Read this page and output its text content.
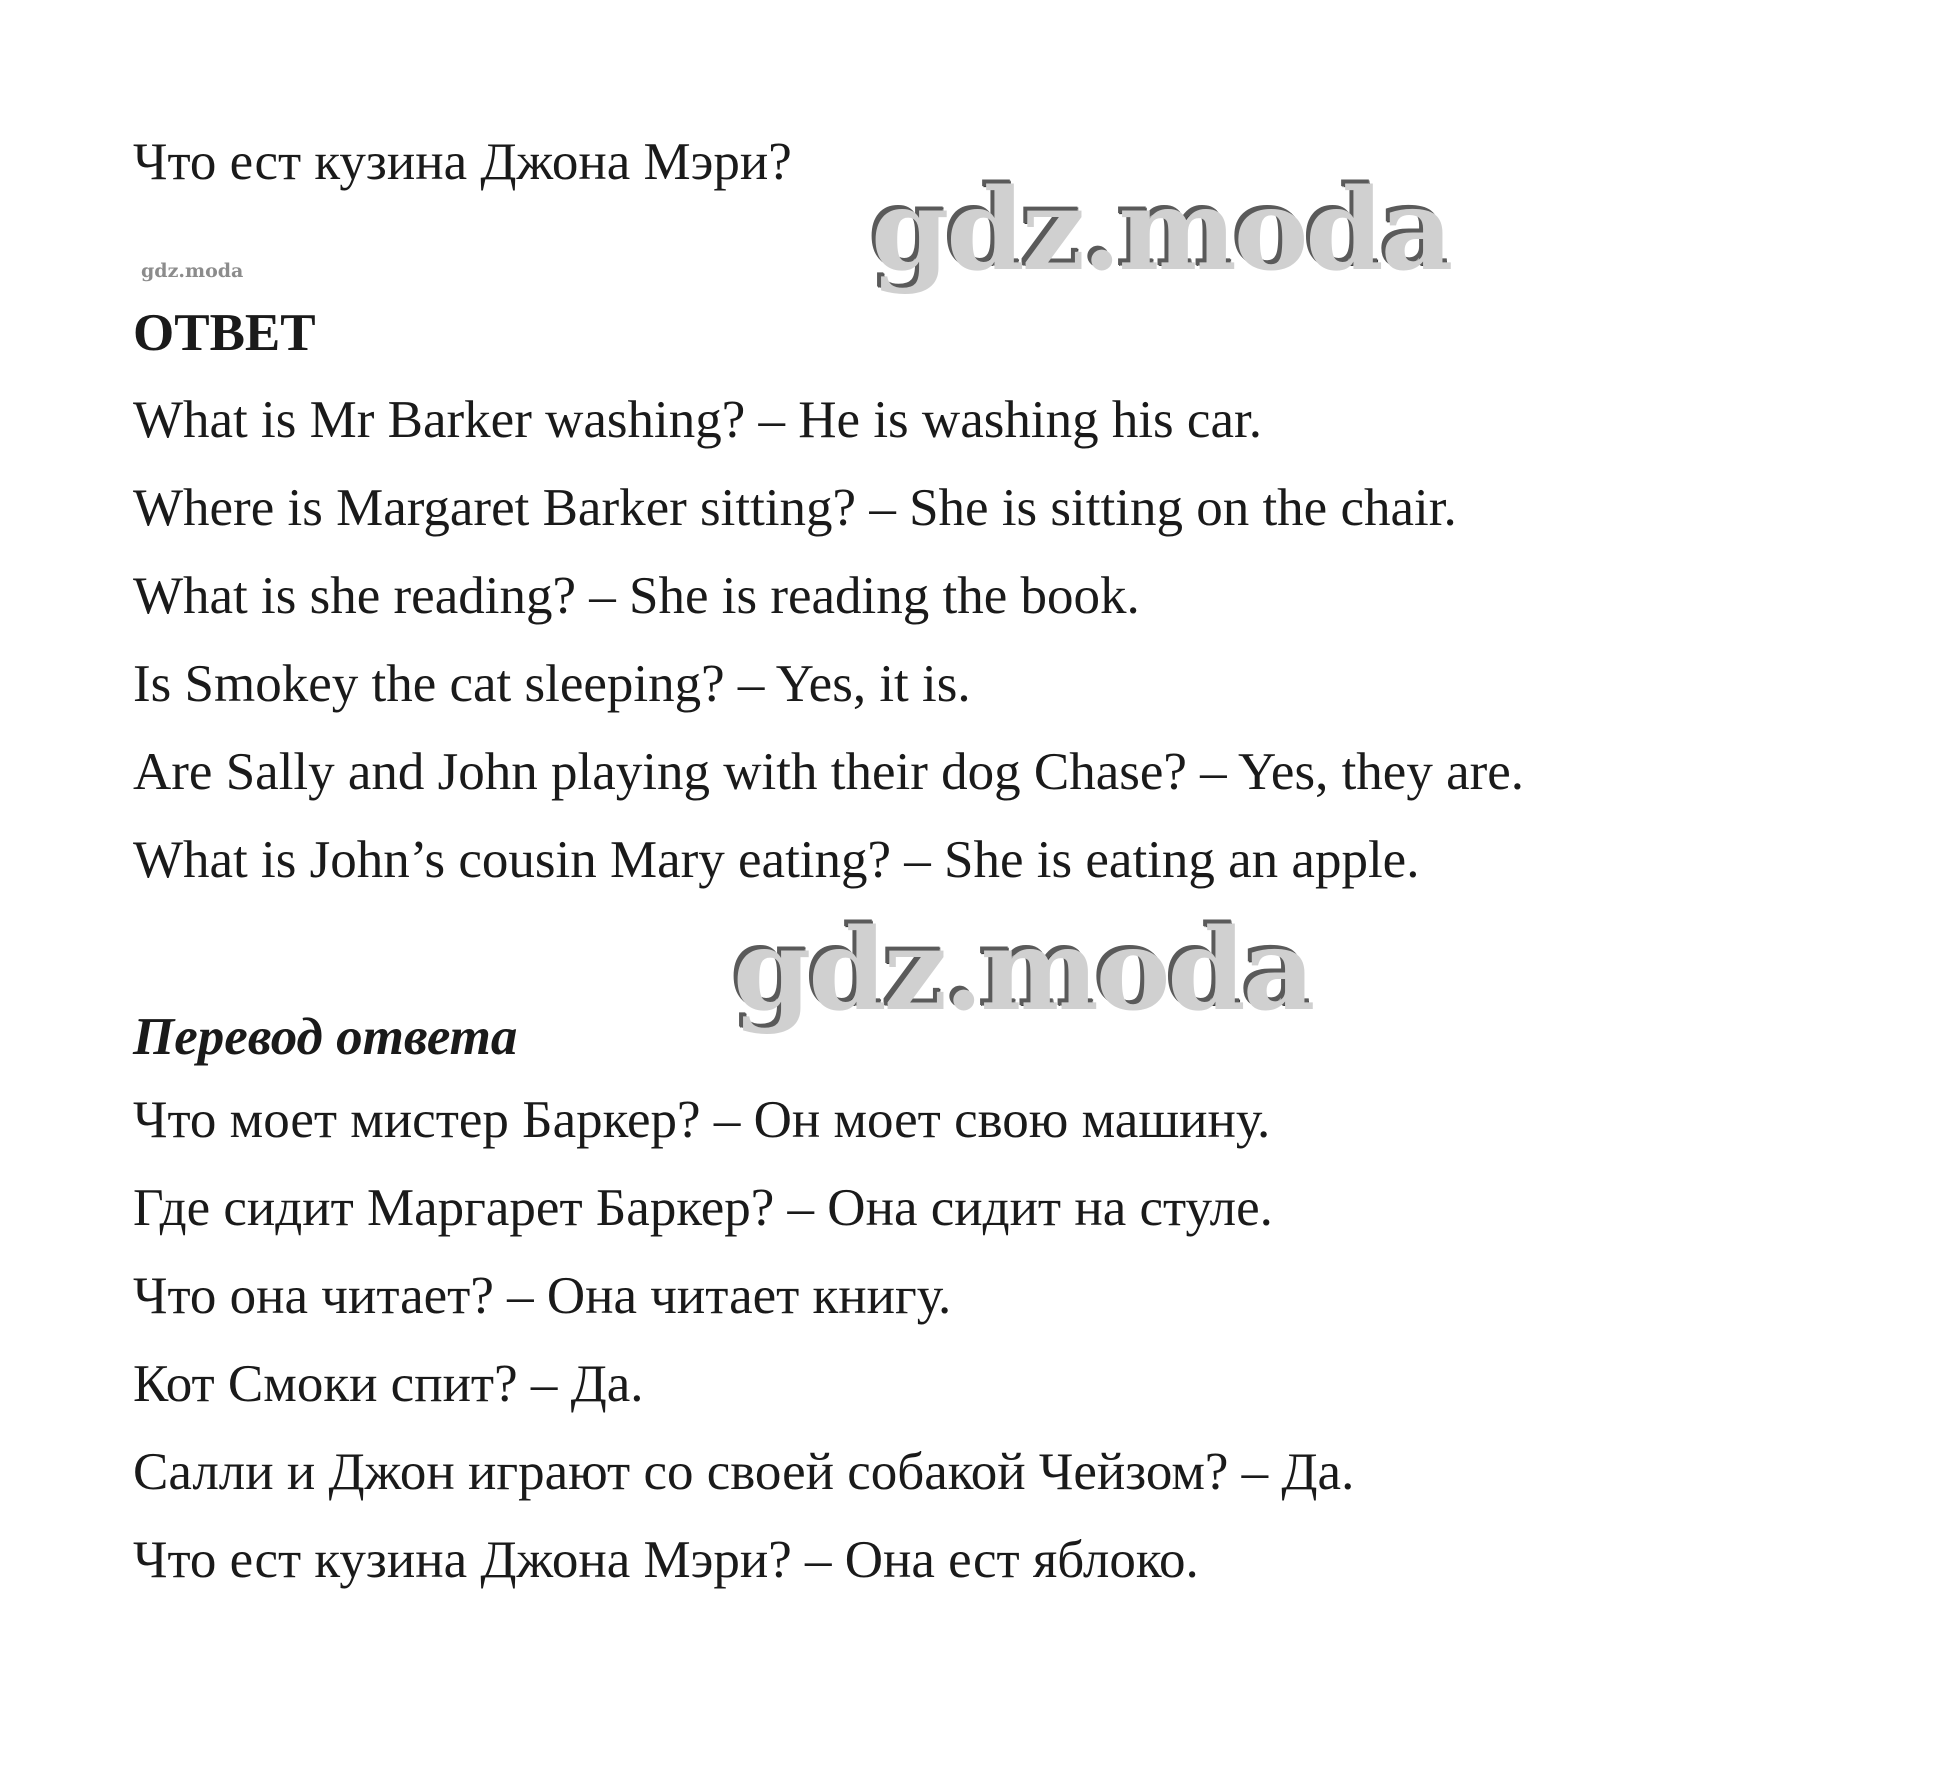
Что ест кузина Джона Мэри? gdz.moda
gdz.moda
ОТВЕТ
What is Mr Barker washing? – He is washing his car.
Where is Margaret Barker sitting? – She is sitting on the chair.
What is she reading? – She is reading the book.
Is Smokey the cat sleeping? – Yes, it is.
Are Sally and John playing with their dog Chase? – Yes, they are.
What is John’s cousin Mary eating? – She is eating an apple.
gdz.moda
Перевод ответа
Что моет мистер Баркер? – Он моет свою машину.
Где сидит Маргарет Баркер? – Она сидит на стуле.
Что она читает? – Она читает книгу.
Кот Смоки спит? – Да.
Салли и Джон играют со своей собакой Чейзом? – Да.
Что ест кузина Джона Мэри? – Она ест яблоко.
